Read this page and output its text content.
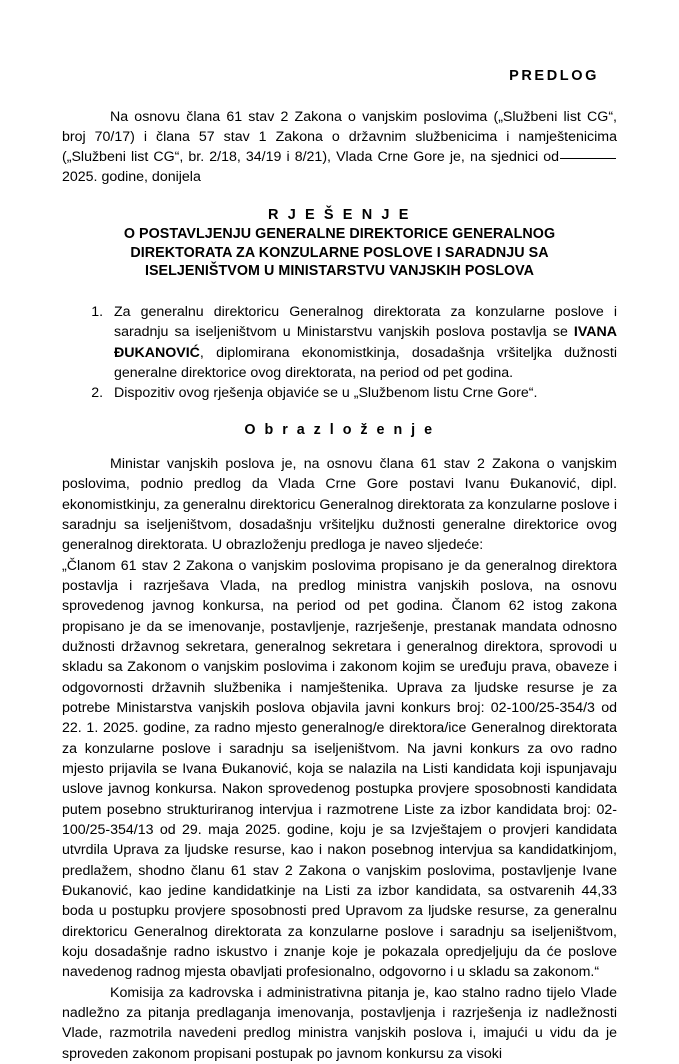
PREDLOG
Na osnovu člana 61 stav 2 Zakona o vanjskim poslovima („Službeni list CG“, broj 70/17) i člana 57 stav 1 Zakona o državnim službenicima i namještenicima („Službeni list CG“, br. 2/18, 34/19 i 8/21), Vlada Crne Gore je, na sjednici od 2025. godine, donijela
R J E Š E N J E
O POSTAVLJENJU GENERALNE DIREKTORICE GENERALNOG
DIREKTORATA ZA KONZULARNE POSLOVE I SARADNJU SA
ISELJENIŠTVOM U MINISTARSTVU VANJSKIH POSLOVA
1. Za generalnu direktoricu Generalnog direktorata za konzularne poslove i saradnju sa iseljeništvom u Ministarstvu vanjskih poslova postavlja se IVANA ĐUKANOVIĆ, diplomirana ekonomistkinja, dosadašnja vršiteljka dužnosti generalne direktorice ovog direktorata, na period od pet godina.
2. Dispozitiv ovog rješenja objaviće se u „Službenom listu Crne Gore“.
O b r a z l o ž e n j e

Ministar vanjskih poslova je, na osnovu člana 61 stav 2 Zakona o vanjskim poslovima, podnio predlog da Vlada Crne Gore postavi Ivanu Đukanović, dipl. ekonomistkinju, za generalnu direktoricu Generalnog direktorata za konzularne poslove i saradnju sa iseljeništvom, dosadašnju vršiteljku dužnosti generalne direktorice ovog generalnog direktorata. U obrazloženju predloga je naveo sljedeće:

„Članom 61 stav 2 Zakona o vanjskim poslovima propisano je da generalnog direktora postavlja i razrješava Vlada, na predlog ministra vanjskih poslova, na osnovu sprovedenog javnog konkursa, na period od pet godina. Članom 62 istog zakona propisano je da se imenovanje, postavljenje, razrješenje, prestanak mandata odnosno dužnosti državnog sekretara, generalnog sekretara i generalnog direktora, sprovodi u skladu sa Zakonom o vanjskim poslovima i zakonom kojim se uređuju prava, obaveze i odgovornosti državnih službenika i namještenika. Uprava za ljudske resurse je za potrebe Ministarstva vanjskih poslova objavila javni konkurs broj: 02-100/25-354/3 od 22. 1. 2025. godine, za radno mjesto generalnog/e direktora/ice Generalnog direktorata za konzularne poslove i saradnju sa iseljeništvom. Na javni konkurs za ovo radno mjesto prijavila se Ivana Đukanović, koja se nalazila na Listi kandidata koji ispunjavaju uslove javnog konkursa. Nakon sprovedenog postupka provjere sposobnosti kandidata putem posebno strukturiranog intervjua i razmotrene Liste za izbor kandidata broj: 02-100/25-354/13 od 29. maja 2025. godine, koju je sa Izvještajem o provjeri kandidata utvrdila Uprava za ljudske resurse, kao i nakon posebnog intervjua sa kandidatkinjom, predlažem, shodno članu 61 stav 2 Zakona o vanjskim poslovima, postavljenje Ivane Đukanović, kao jedine kandidatkinje na Listi za izbor kandidata, sa ostvarenih 44,33 boda u postupku provjere sposobnosti pred Upravom za ljudske resurse, za generalnu direktoricu Generalnog direktorata za konzularne poslove i saradnju sa iseljeništvom, koju dosadašnje radno iskustvo i znanje koje je pokazala opredjeljuju da će poslove navedenog radnog mjesta obavljati profesionalno, odgovorno i u skladu sa zakonom.“

Komisija za kadrovska i administrativna pitanja je, kao stalno radno tijelo Vlade nadležno za pitanja predlaganja imenovanja, postavljenja i razrješenja iz nadležnosti Vlade, razmotrila navedeni predlog ministra vanjskih poslova i, imajući u vidu da je sproveden zakonom propisani postupak po javnom konkursu za visoki
